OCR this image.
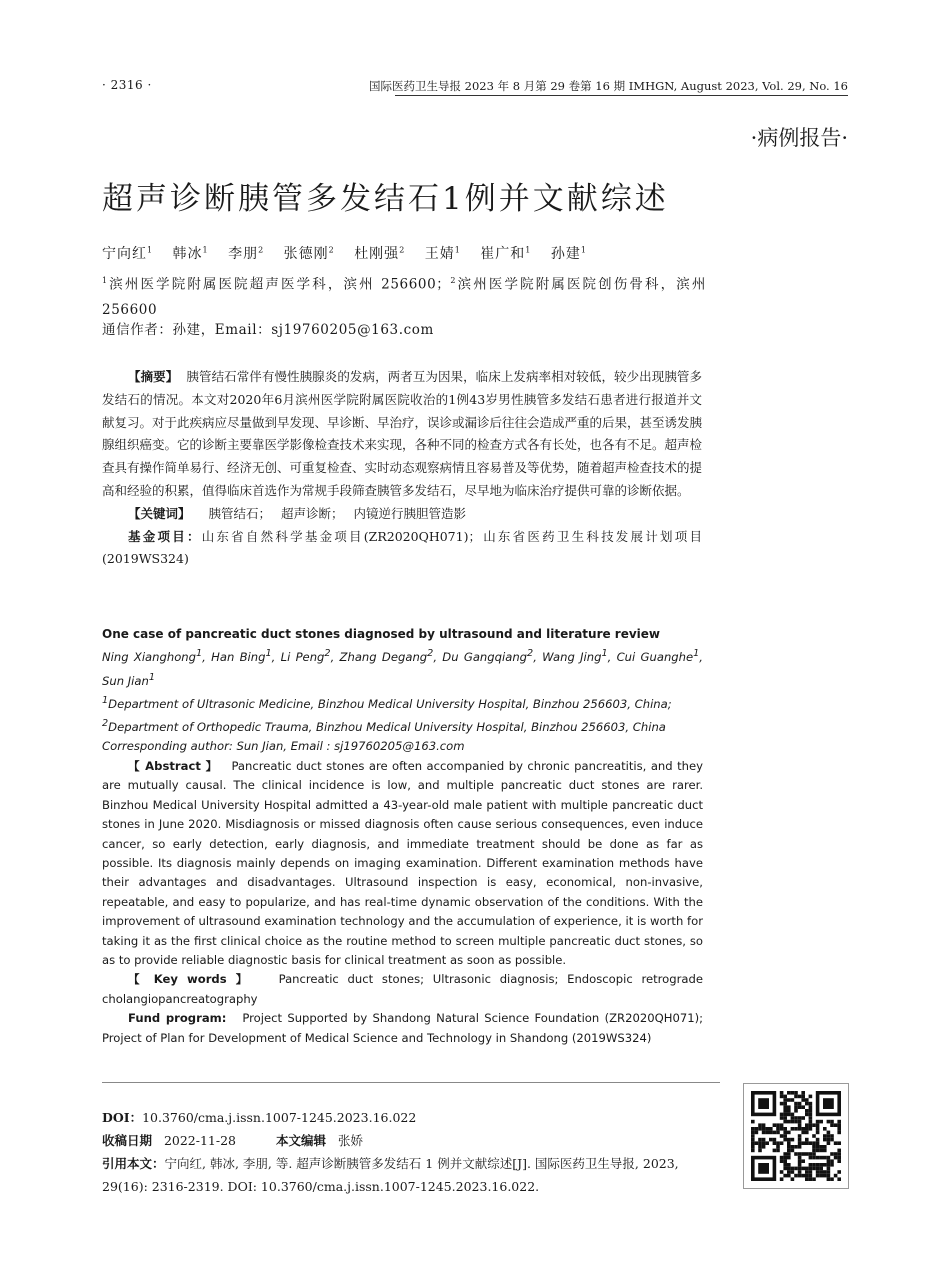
· 2316 ·	国际医药卫生导报 2023 年 8 月第 29 卷第 16 期 IMHGN, August 2023, Vol. 29, No. 16
·病例报告·
超声诊断胰管多发结石1例并文献综述
宁向红$^1$ 韩冰$^1$ 李朋$^2$ 张德刚$^2$ 杜刚强$^2$ 王婧$^1$ 崔广和$^1$ 孙建$^1$
$^1$滨州医学院附属医院超声医学科，滨州 256600；$^2$滨州医学院附属医院创伤骨科，滨州 256600
通信作者：孙建，Email：sj19760205@163.com

【摘要】 胰管结石常伴有慢性胰腺炎的发病，两者互为因果，临床上发病率相对较低，较少出现胰管多发结石的情况。本文对2020年6月滨州医学院附属医院收治的1例43岁男性胰管多发结石患者进行报道并文献复习。对于此疾病应尽量做到早发现、早诊断、早治疗，误诊或漏诊后往往会造成严重的后果，甚至诱发胰腺组织癌变。它的诊断主要靠医学影像检查技术来实现，各种不同的检查方式各有长处，也各有不足。超声检查具有操作简单易行、经济无创、可重复检查、实时动态观察病情且容易普及等优势，随着超声检查技术的提高和经验的积累，值得临床首选作为常规手段筛查胰管多发结石，尽早地为临床治疗提供可靠的诊断依据。

【关键词】 胰管结石； 超声诊断； 内镜逆行胰胆管造影

基金项目：山东省自然科学基金项目(ZR2020QH071)；山东省医药卫生科技发展计划项目(2019WS324)

One case of pancreatic duct stones diagnosed by ultrasound and literature review

Ning Xianghong$^1$, Han Bing$^1$, Li Peng$^2$, Zhang Degang$^2$, Du Gangqiang$^2$, Wang Jing$^1$, Cui Guanghe$^1$, Sun Jian$^1$

$^1$Department of Ultrasonic Medicine, Binzhou Medical University Hospital, Binzhou 256603, China;

$^2$Department of Orthopedic Trauma, Binzhou Medical University Hospital, Binzhou 256603, China

Corresponding author: Sun Jian, Email : sj19760205@163.com

【 Abstract 】 Pancreatic duct stones are often accompanied by chronic pancreatitis, and they are mutually causal. The clinical incidence is low, and multiple pancreatic duct stones are rarer. Binzhou Medical University Hospital admitted a 43-year-old male patient with multiple pancreatic duct stones in June 2020. Misdiagnosis or missed diagnosis often cause serious consequences, even induce cancer, so early detection, early diagnosis, and immediate treatment should be done as far as possible. Its diagnosis mainly depends on imaging examination. Different examination methods have their advantages and disadvantages. Ultrasound inspection is easy, economical, non-invasive, repeatable, and easy to popularize, and has real-time dynamic observation of the conditions. With the improvement of ultrasound examination technology and the accumulation of experience, it is worth for taking it as the first clinical choice as the routine method to screen multiple pancreatic duct stones, so as to provide reliable diagnostic basis for clinical treatment as soon as possible.

【 Key words 】 Pancreatic duct stones; Ultrasonic diagnosis; Endoscopic retrograde cholangiopancreatography

Fund program: Project Supported by Shandong Natural Science Foundation (ZR2020QH071); Project of Plan for Development of Medical Science and Technology in Shandong (2019WS324)

DOI：10.3760/cma.j.issn.1007-1245.2023.16.022

收稿日期 2022-11-28	本文编辑 张娇

引用本文：宁向红, 韩冰, 李朋, 等. 超声诊断胰管多发结石 1 例并文献综述[J]. 国际医药卫生导报, 2023, 29(16): 2316-2319. DOI: 10.3760/cma.j.issn.1007-1245.2023.16.022.
